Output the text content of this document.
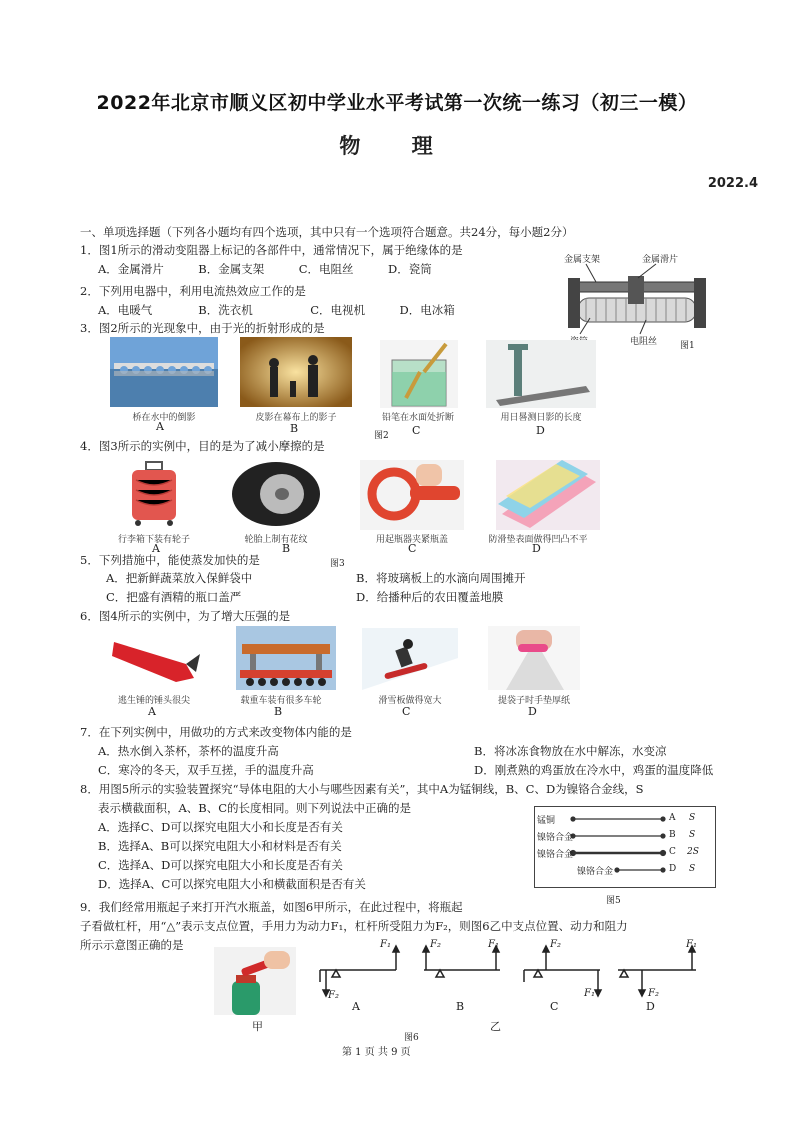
2022年北京市顺义区初中学业水平考试第一次统一练习（初三一模）
物 理
2022.4
一、单项选择题（下列各小题均有四个选项，其中只有一个选项符合题意。共24分，每小题2分）
1．图1所示的滑动变阻器上标记的各部件中，通常情况下，属于绝缘体的是
A．金属滑片　　　B．金属支架　　　C．电阻丝　　　D．瓷筒
金属支架	金属滑片
电阻丝	图1
2．下列用电器中，利用电流热效应工作的是
A．电暖气　　　　B．洗衣机　　　　　C．电视机　　　D．电冰箱
3．图2所示的光现象中，由于光的折射形成的是
桥在水中的倒影	皮影在幕布上的影子	铅笔在水面处折断	用日晷测日影的长度
A	B
图2 C	D
4．图3所示的实例中，目的是为了减小摩擦的是
行李箱下装有轮子	轮胎上制有花纹	用起瓶器夹紧瓶盖	防滑垫表面做得凹凸不平
A	B
图3
C	D
5．下列措施中，能使蒸发加快的是
A．把新鲜蔬菜放入保鲜袋中	B．将玻璃板上的水滴向周围摊开
C．把盛有酒精的瓶口盖严	D．给播种后的农田覆盖地膜
6．图4所示的实例中，为了增大压强的是
逃生锤的锤头很尖	载重车装有很多车轮	滑雪板做得宽大	提袋子时手垫厚纸
A	B	C	D
7．在下列实例中，用做功的方式来改变物体内能的是
A．热水倒入茶杯，茶杯的温度升高	B．将冰冻食物放在水中解冻，水变凉
C．寒冷的冬天，双手互搓，手的温度升高	D．刚煮熟的鸡蛋放在冷水中，鸡蛋的温度降低
8．用图5所示的实验装置探究“导体电阻的大小与哪些因素有关”，其中A为锰铜线，B、C、D为镍铬合金线，S
表示横截面积，A、B、C的长度相同。则下列说法中正确的是
A．选择C、D可以探究电阻大小和长度是否有关
B．选择A、B可以探究电阻大小和材料是否有关
C．选择A、D可以探究电阻大小和长度是否有关
D．选择A、C可以探究电阻大小和横截面积是否有关
锰铜
镍铬合金
镍铬合金
镍铬合金
A
B
C
D
S
S
2S
S
图5
9．我们经常用瓶起子来打开汽水瓶盖，如图6甲所示，在此过程中，将瓶起
子看做杠杆，用“△”表示支点位置，手用力为动力F₁，杠杆所受阻力为F₂，则图6乙中支点位置、动力和阻力
所示示意图正确的是
甲
F₁
F₂
F₂	F₁	F₂
F₁
F₁
F₂
A	B	C	D
乙
图6
第 1 页 共 9 页
